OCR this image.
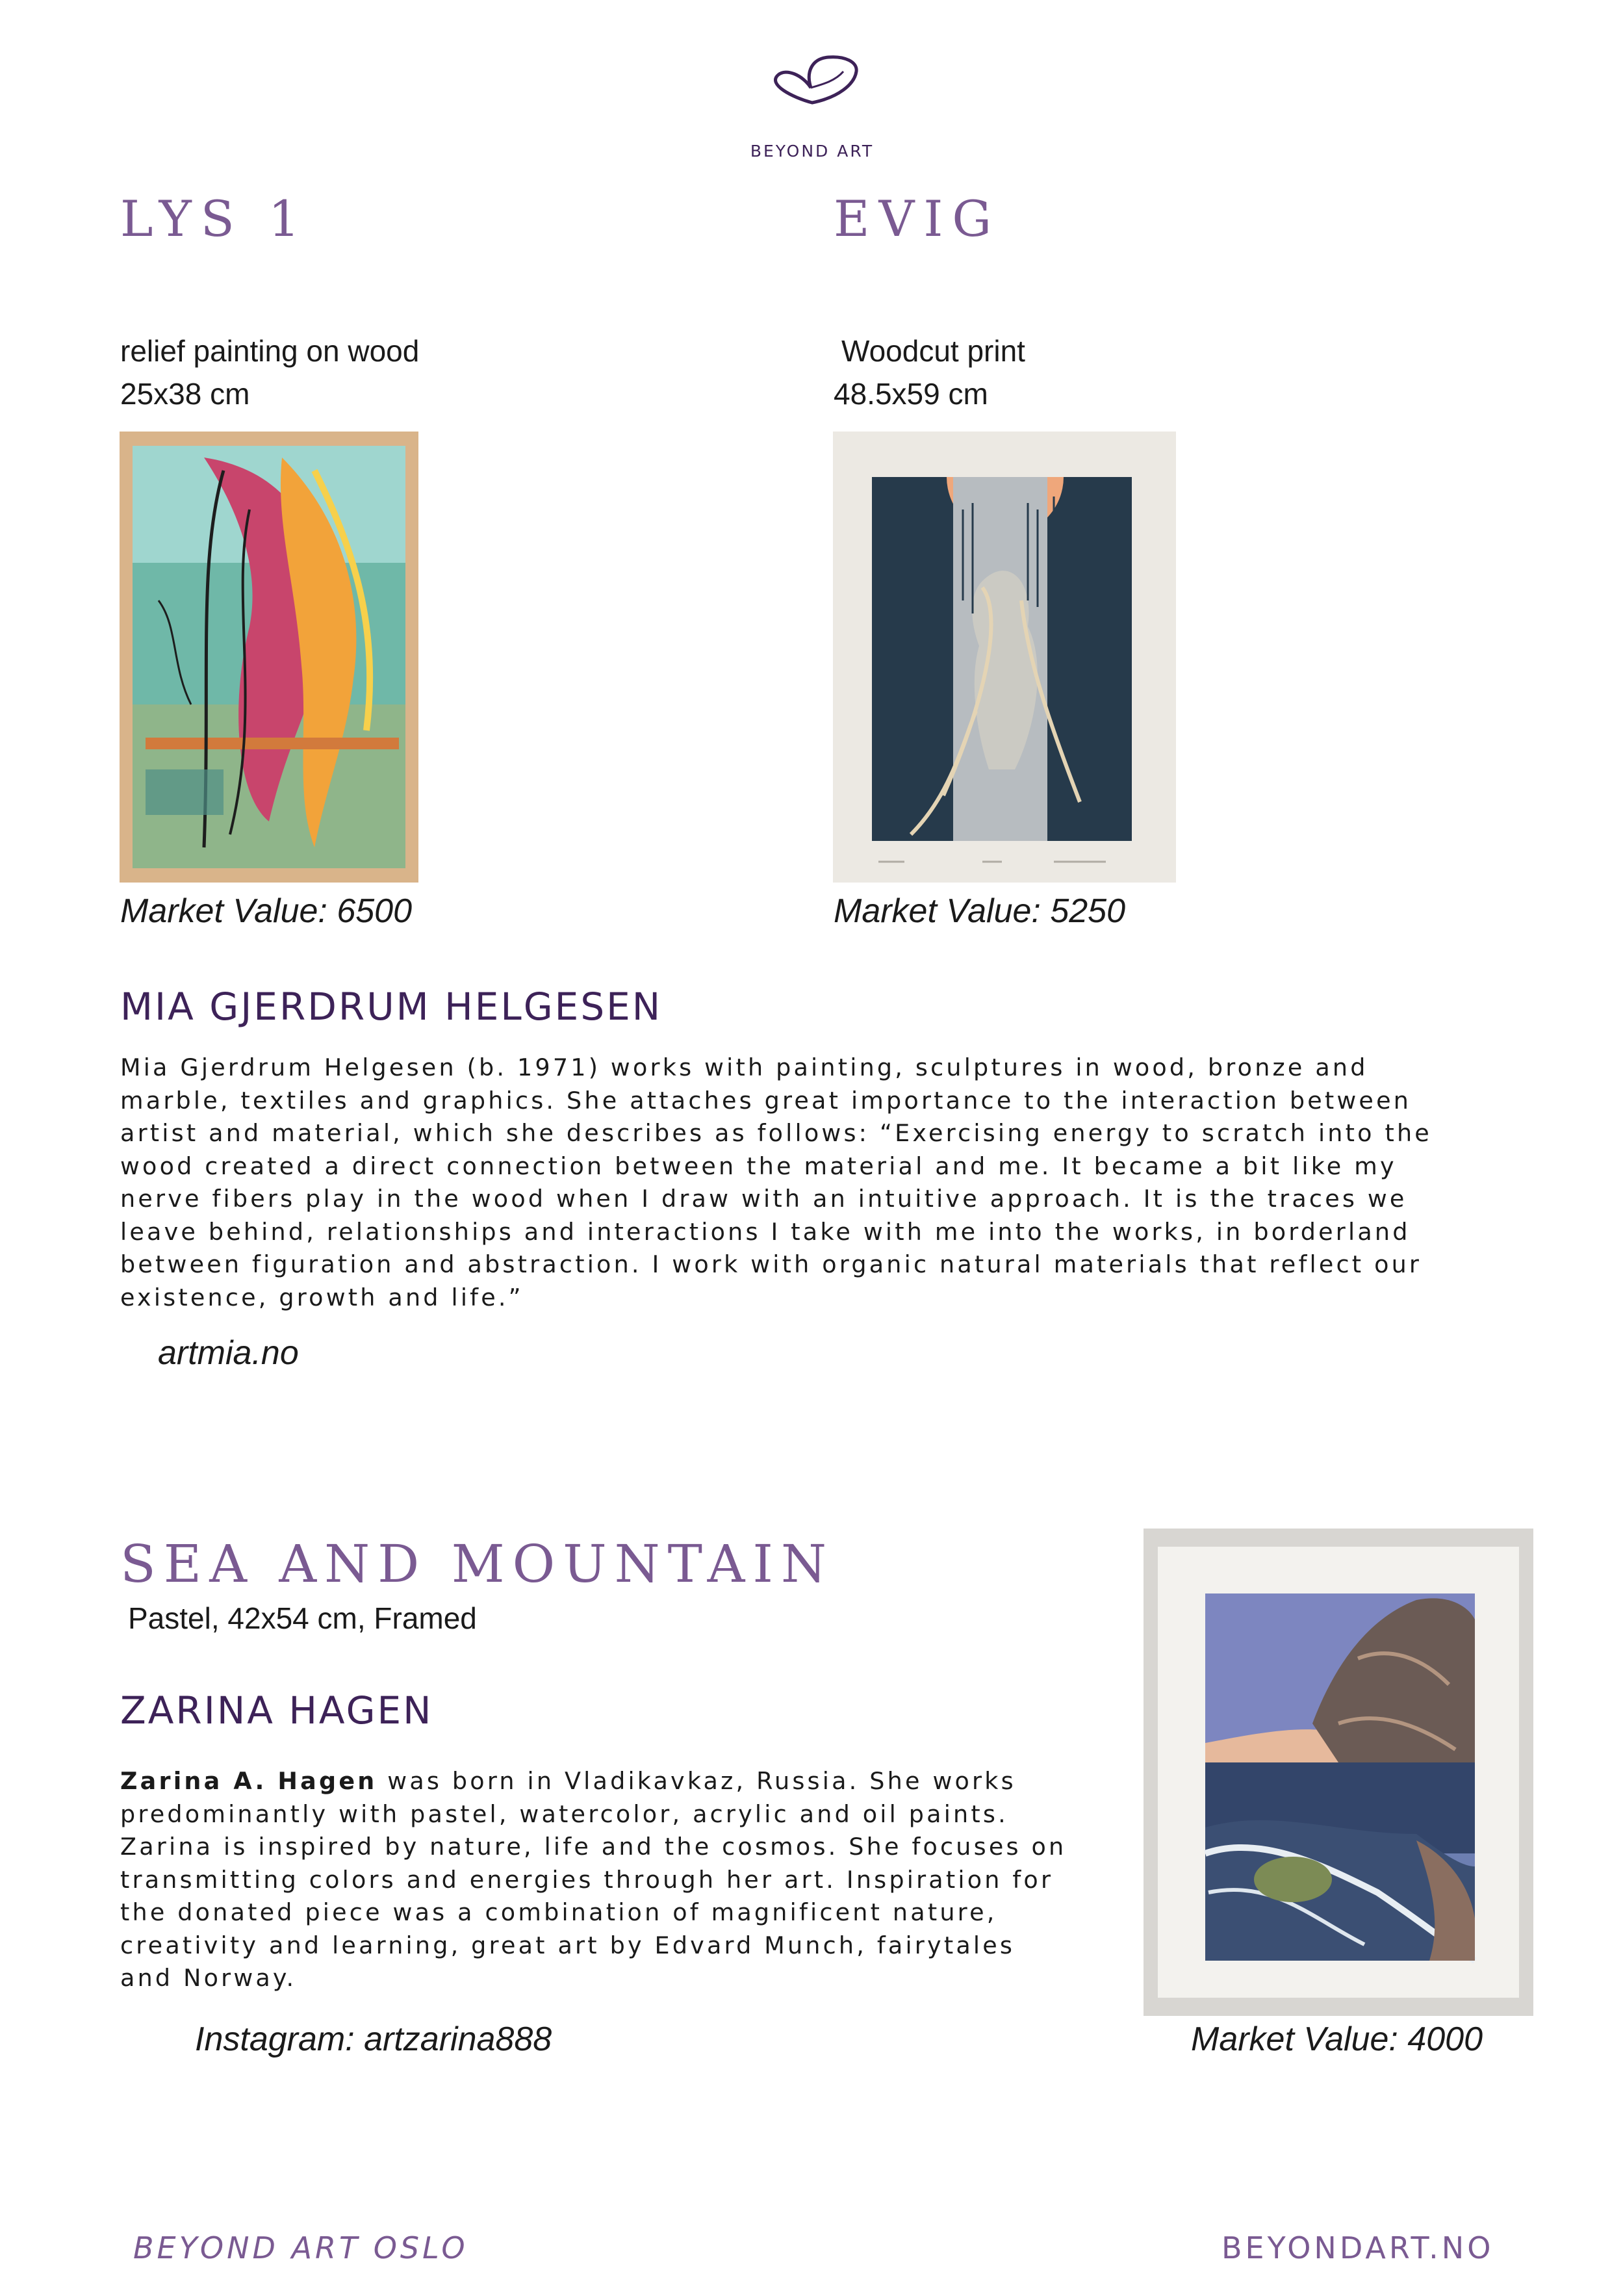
BEYOND ART
LYS 1
relief painting on wood
25x38 cm
Market Value: 6500
EVIG
Woodcut print
48.5x59 cm
Market Value: 5250
MIA GJERDRUM HELGESEN
Mia Gjerdrum Helgesen (b. 1971) works with painting, sculptures in wood, bronze and
marble, textiles and graphics. She attaches great importance to the interaction between
artist and material, which she describes as follows: “Exercising energy to scratch into the
wood created a direct connection between the material and me. It became a bit like my
nerve fibers play in the wood when I draw with an intuitive approach. It is the traces we
leave behind, relationships and interactions I take with me into the works, in borderland
between figuration and abstraction. I work with organic natural materials that reflect our
existence, growth and life.”
artmia.no
SEA AND MOUNTAIN
Pastel, 42x54 cm, Framed
Market Value: 4000
ZARINA HAGEN
Zarina A. Hagen was born in Vladikavkaz, Russia. She works
predominantly with pastel, watercolor, acrylic and oil paints.
Zarina is inspired by nature, life and the cosmos. She focuses on
transmitting colors and energies through her art. Inspiration for
the donated piece was a combination of magnificent nature,
creativity and learning, great art by Edvard Munch, fairytales
and Norway.
Instagram: artzarina888
BEYOND ART OSLO	BEYONDART.NO
